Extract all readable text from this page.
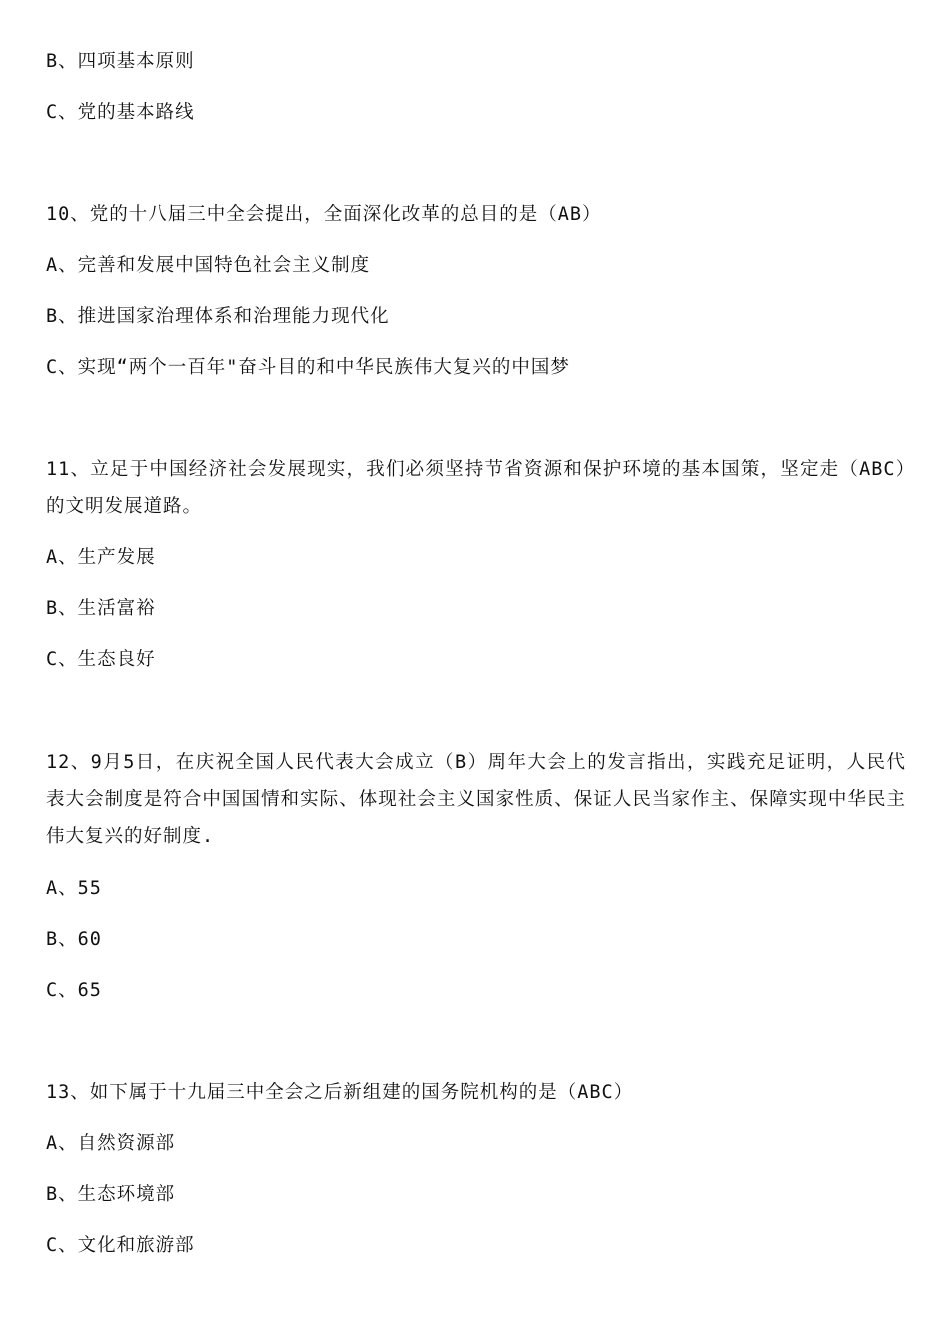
B、四项基本原则
C、党的基本路线
10、党的十八届三中全会提出，全面深化改革的总目的是（AB）
A、完善和发展中国特色社会主义制度
B、推进国家治理体系和治理能力现代化
C、实现“两个一百年"奋斗目的和中华民族伟大复兴的中国梦
11、立足于中国经济社会发展现实，我们必须坚持节省资源和保护环境的基本国策，坚定走（ABC）的文明发展道路。
A、生产发展
B、生活富裕
C、生态良好
12、9月5日，在庆祝全国人民代表大会成立（B）周年大会上的发言指出，实践充足证明，人民代表大会制度是符合中国国情和实际、体现社会主义国家性质、保证人民当家作主、保障实现中华民主伟大复兴的好制度.
A、55
B、60
C、65
13、如下属于十九届三中全会之后新组建的国务院机构的是（ABC）
A、自然资源部
B、生态环境部
C、文化和旅游部
